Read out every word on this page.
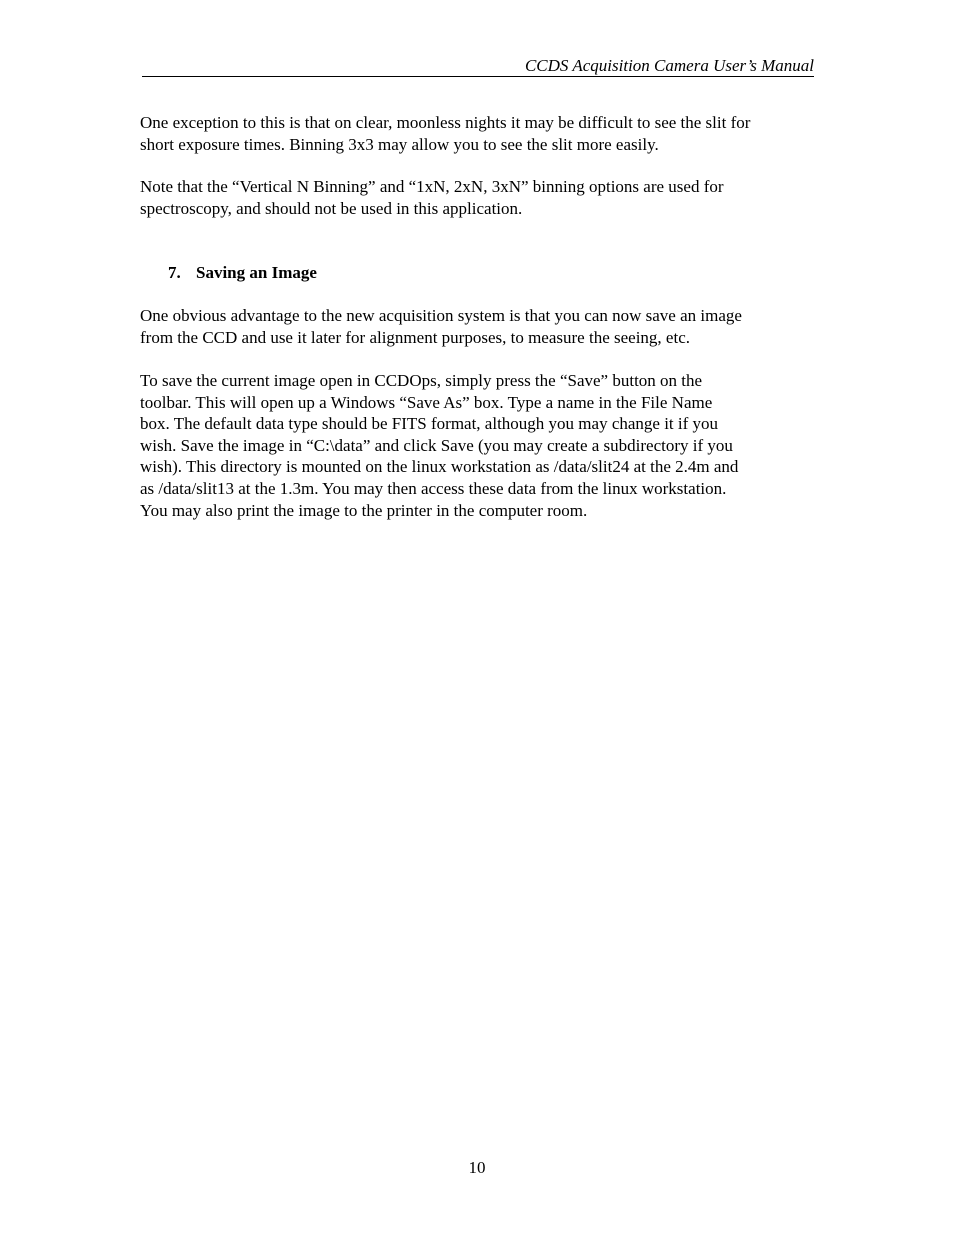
CCDS Acquisition Camera User’s Manual

One exception to this is that on clear, moonless nights it may be difficult to see the slit for
short exposure times. Binning 3x3 may allow you to see the slit more easily.

Note that the “Vertical N Binning” and “1xN, 2xN, 3xN” binning options are used for
spectroscopy, and should not be used in this application.

7. Saving an Image

One obvious advantage to the new acquisition system is that you can now save an image
from the CCD and use it later for alignment purposes, to measure the seeing, etc.

To save the current image open in CCDOps, simply press the “Save” button on the
toolbar. This will open up a Windows “Save As” box. Type a name in the File Name
box. The default data type should be FITS format, although you may change it if you
wish. Save the image in “C:\data” and click Save (you may create a subdirectory if you
wish). This directory is mounted on the linux workstation as /data/slit24 at the 2.4m and
as /data/slit13 at the 1.3m. You may then access these data from the linux workstation.
You may also print the image to the printer in the computer room.

10
